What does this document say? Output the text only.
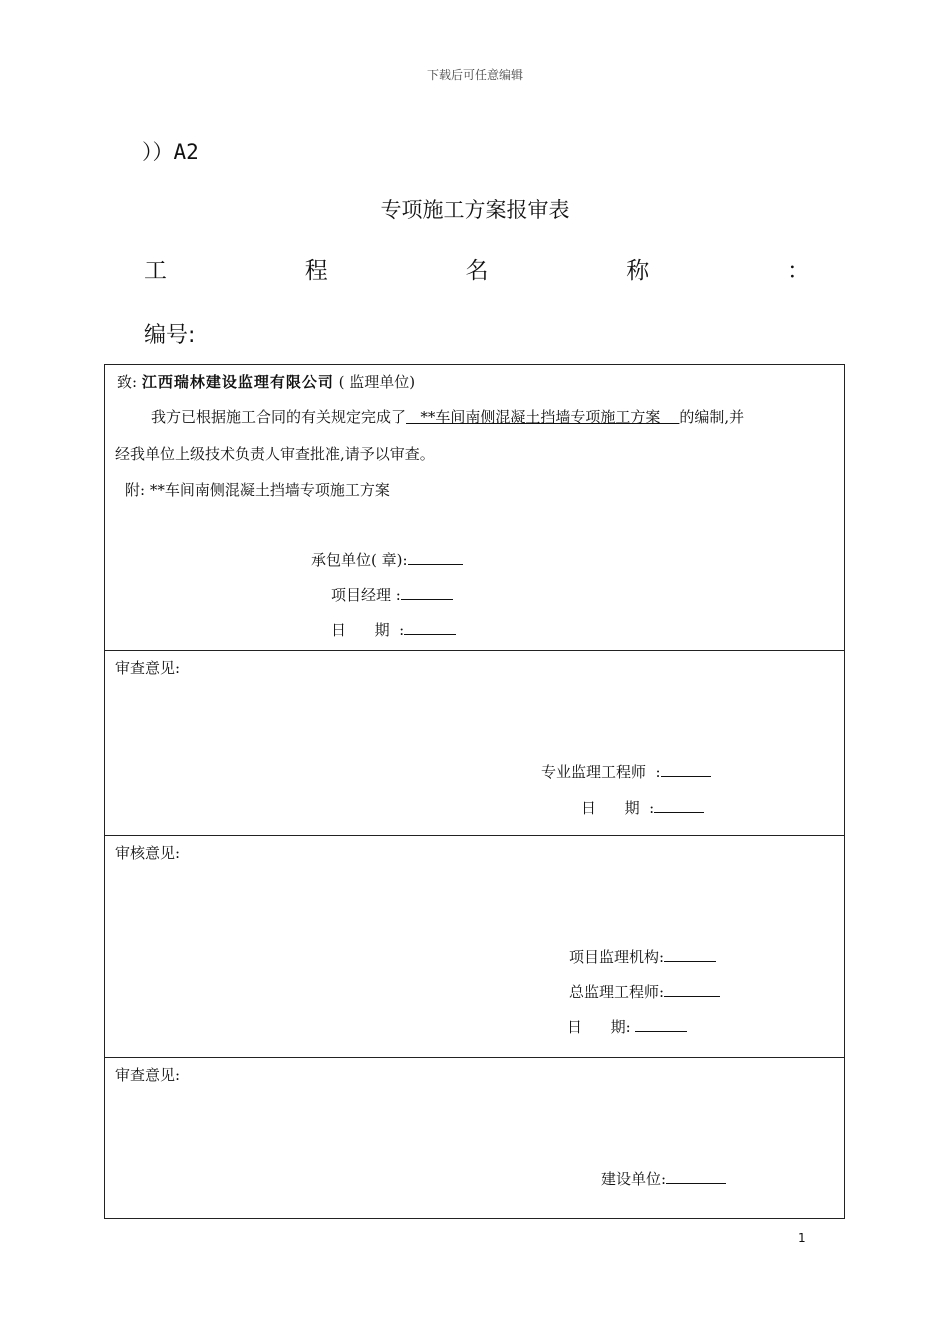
下载后可任意编辑
））A2
专项施工方案报审表
工	程	名	称	：
编号:
致: 江西瑞林建设监理有限公司 ( 监理单位)
我方已根据施工合同的有关规定完成了   **车间南侧混凝土挡墙专项施工方案    的编制,并
经我单位上级技术负责人审查批准,请予以审查。
附: **车间南侧混凝土挡墙专项施工方案
承包单位( 章):
项目经理 :
日      期  :
审查意见:
专业监理工程师  :
日      期  :
审核意见:
项目监理机构:
总监理工程师:
日      期:
审查意见:
建设单位:
1
